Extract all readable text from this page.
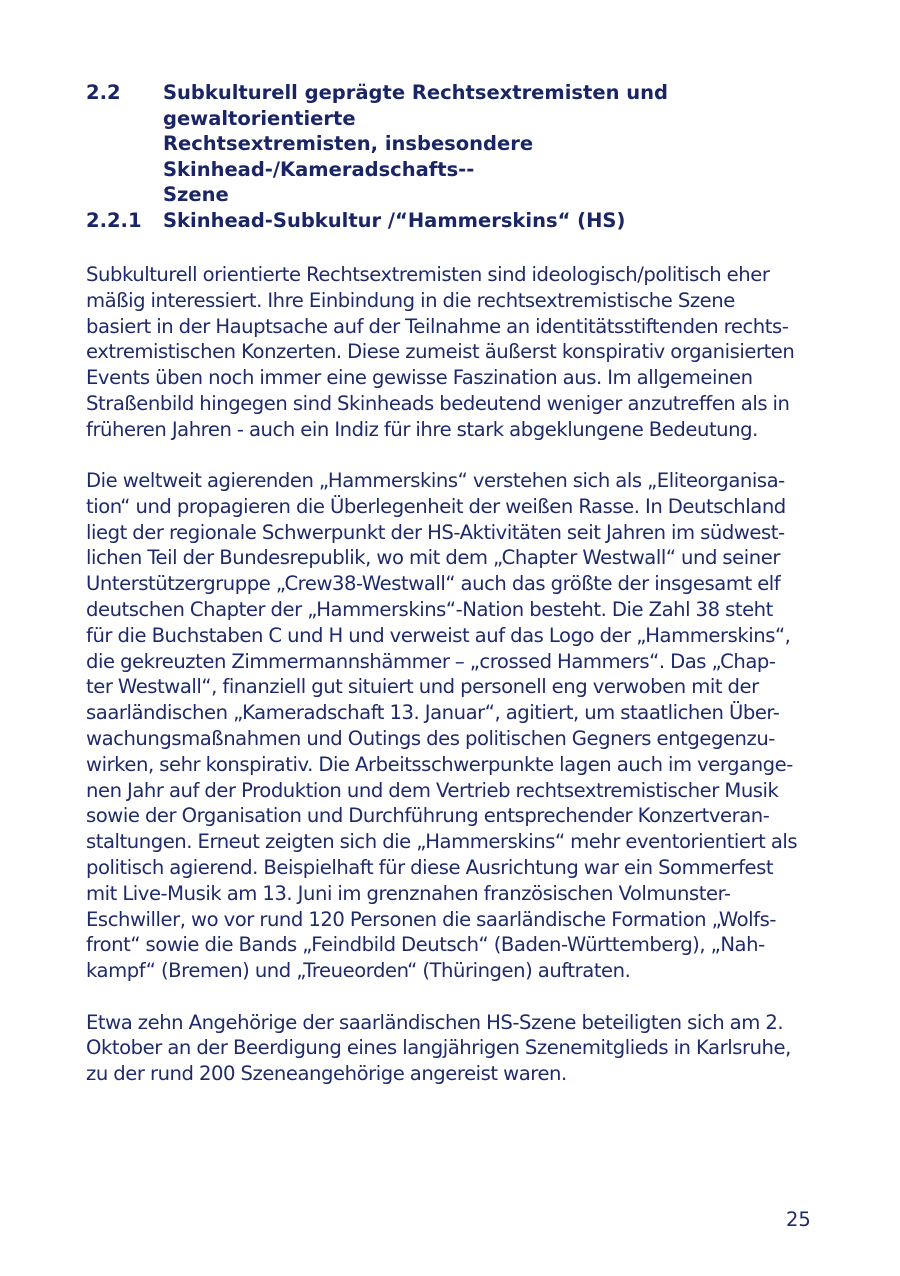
2.2	Subkulturell geprägte Rechtsextremisten und gewaltorientierte
Rechtsextremisten, insbesondere Skinhead-/Kameradschafts--
Szene
2.2.1	Skinhead-Subkultur /“Hammerskins“ (HS)

Subkulturell orientierte Rechtsextremisten sind ideologisch/politisch eher
mäßig interessiert. Ihre Einbindung in die rechtsextremistische Szene
basiert in der Hauptsache auf der Teilnahme an identitätsstiftenden rechts-
extremistischen Konzerten. Diese zumeist äußerst konspirativ organisierten
Events üben noch immer eine gewisse Faszination aus. Im allgemeinen
Straßenbild hingegen sind Skinheads bedeutend weniger anzutreffen als in
früheren Jahren - auch ein Indiz für ihre stark abgeklungene Bedeutung.

Die weltweit agierenden „Hammerskins“ verstehen sich als „Eliteorganisa-
tion“ und propagieren die Überlegenheit der weißen Rasse. In Deutschland
liegt der regionale Schwerpunkt der HS-Aktivitäten seit Jahren im südwest-
lichen Teil der Bundesrepublik, wo mit dem „Chapter Westwall“ und seiner
Unterstützergruppe „Crew38-Westwall“ auch das größte der insgesamt elf
deutschen Chapter der „Hammerskins“-Nation besteht. Die Zahl 38 steht
für die Buchstaben C und H und verweist auf das Logo der „Hammerskins“,
die gekreuzten Zimmermannshämmer – „crossed Hammers“. Das „Chap-
ter Westwall“, finanziell gut situiert und personell eng verwoben mit der
saarländischen „Kameradschaft 13. Januar“, agitiert, um staatlichen Über-
wachungsmaßnahmen und Outings des politischen Gegners entgegenzu-
wirken, sehr konspirativ. Die Arbeitsschwerpunkte lagen auch im vergange-
nen Jahr auf der Produktion und dem Vertrieb rechtsextremistischer Musik
sowie der Organisation und Durchführung entsprechender Konzertveran-
staltungen. Erneut zeigten sich die „Hammerskins“ mehr eventorientiert als
politisch agierend. Beispielhaft für diese Ausrichtung war ein Sommerfest
mit Live-Musik am 13. Juni im grenznahen französischen Volmunster-
Eschwiller, wo vor rund 120 Personen die saarländische Formation „Wolfs-
front“ sowie die Bands „Feindbild Deutsch“ (Baden-Württemberg), „Nah-
kampf“ (Bremen) und „Treueorden“ (Thüringen) auftraten.

Etwa zehn Angehörige der saarländischen HS-Szene beteiligten sich am 2.
Oktober an der Beerdigung eines langjährigen Szenemitglieds in Karlsruhe,
zu der rund 200 Szeneangehörige angereist waren.

25
